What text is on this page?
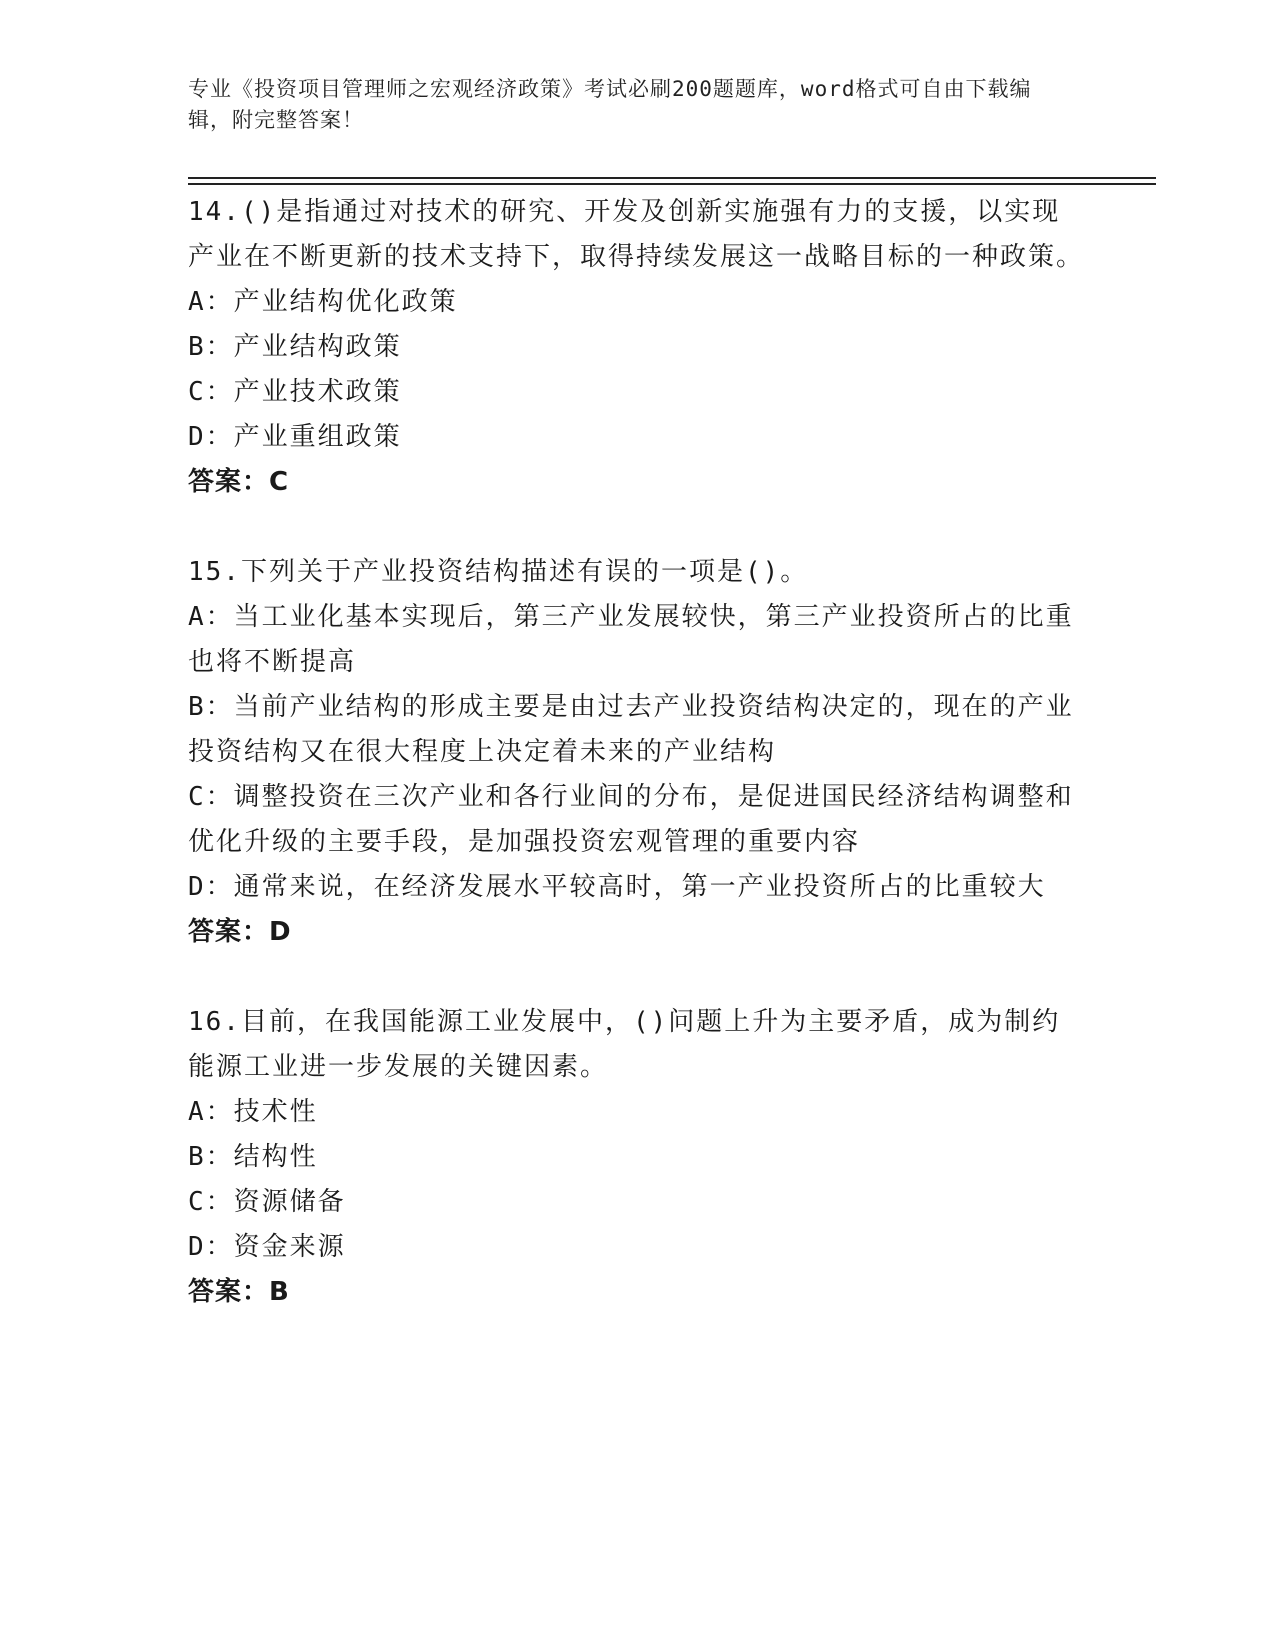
专业《投资项目管理师之宏观经济政策》考试必刷200题题库，word格式可自由下载编辑，附完整答案！
14.()是指通过对技术的研究、开发及创新实施强有力的支援，以实现产业在不断更新的技术支持下，取得持续发展这一战略目标的一种政策。
A：产业结构优化政策
B：产业结构政策
C：产业技术政策
D：产业重组政策
答案：C
15.下列关于产业投资结构描述有误的一项是()。
A：当工业化基本实现后，第三产业发展较快，第三产业投资所占的比重也将不断提高
B：当前产业结构的形成主要是由过去产业投资结构决定的，现在的产业投资结构又在很大程度上决定着未来的产业结构
C：调整投资在三次产业和各行业间的分布，是促进国民经济结构调整和优化升级的主要手段，是加强投资宏观管理的重要内容
D：通常来说，在经济发展水平较高时，第一产业投资所占的比重较大
答案：D
16.目前，在我国能源工业发展中，()问题上升为主要矛盾，成为制约能源工业进一步发展的关键因素。
A：技术性
B：结构性
C：资源储备
D：资金来源
答案：B
